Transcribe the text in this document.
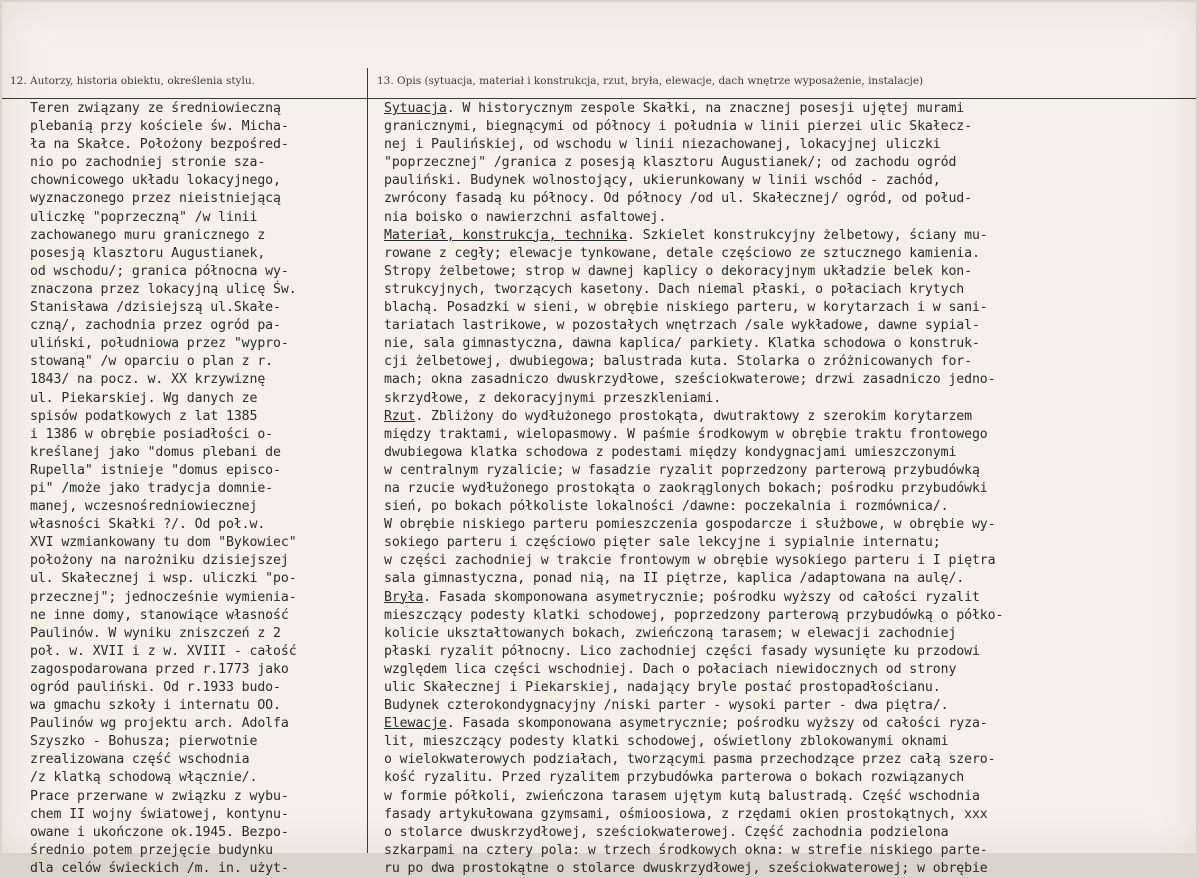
12. Autorzy, historia obiektu, określenia stylu.	13. Opis (sytuacja, materiał i konstrukcja, rzut, bryła, elewacje, dach wnętrze wyposażenie, instalacje)
Teren związany ze średniowieczną
plebanią przy kościele św. Micha-
ła na Skałce. Położony bezpośred-
nio po zachodniej stronie sza-
chownicowego układu lokacyjnego,
wyznaczonego przez nieistniejącą
uliczkę "poprzeczną" /w linii
zachowanego muru granicznego z
posesją klasztoru Augustianek,
od wschodu/; granica północna wy-
znaczona przez lokacyjną ulicę Św.
Stanisława /dzisiejszą ul.Skałe-
czną/, zachodnia przez ogród pa-
uliński, południowa przez "wypro-
stowaną" /w oparciu o plan z r.
1843/ na pocz. w. XX krzywiznę
ul. Piekarskiej. Wg danych ze
spisów podatkowych z lat 1385
i 1386 w obrębie posiadłości o-
kreślanej jako "domus plebani de
Rupella" istnieje "domus episco-
pi" /może jako tradycja domnie-
manej, wczesnośredniowiecznej
własności Skałki ?/. Od poł.w.
XVI wzmiankowany tu dom "Bykowiec"
położony na narożniku dzisiejszej
ul. Skałecznej i wsp. uliczki "po-
przecznej"; jednocześnie wymienia-
ne inne domy, stanowiące własność
Paulinów. W wyniku zniszczeń z 2
poł. w. XVII i z w. XVIII - całość
zagospodarowana przed r.1773 jako
ogród pauliński. Od r.1933 budo-
wa gmachu szkoły i internatu OO.
Paulinów wg projektu arch. Adolfa
Szyszko - Bohusza; pierwotnie
zrealizowana część wschodnia
/z klatką schodową włącznie/.
Prace przerwane w związku z wybu-
chem II wojny światowej, kontynu-
owane i ukończone ok.1945. Bezpo-
średnio potem przejęcie budynku
dla celów świeckich /m. in. użyt-
Sytuacja. W historycznym zespole Skałki, na znacznej posesji ujętej murami
granicznymi, biegnącymi od północy i południa w linii pierzei ulic Skałecz-
nej i Paulińskiej, od wschodu w linii niezachowanej, lokacyjnej uliczki
"poprzecznej" /granica z posesją klasztoru Augustianek/; od zachodu ogród
pauliński. Budynek wolnostojący, ukierunkowany w linii wschód - zachód,
zwrócony fasadą ku północy. Od północy /od ul. Skałecznej/ ogród, od połud-
nia boisko o nawierzchni asfaltowej.
Materiał, konstrukcja, technika. Szkielet konstrukcyjny żelbetowy, ściany mu-
rowane z cegły; elewacje tynkowane, detale częściowo ze sztucznego kamienia.
Stropy żelbetowe; strop w dawnej kaplicy o dekoracyjnym układzie belek kon-
strukcyjnych, tworzących kasetony. Dach niemal płaski, o połaciach krytych
blachą. Posadzki w sieni, w obrębie niskiego parteru, w korytarzach i w sani-
tariatach lastrikowe, w pozostałych wnętrzach /sale wykładowe, dawne sypial-
nie, sala gimnastyczna, dawna kaplica/ parkiety. Klatka schodowa o konstruk-
cji żelbetowej, dwubiegowa; balustrada kuta. Stolarka o zróżnicowanych for-
mach; okna zasadniczo dwuskrzydłowe, sześciokwaterowe; drzwi zasadniczo jedno-
skrzydłowe, z dekoracyjnymi przeszkleniami.
Rzut. Zbliżony do wydłużonego prostokąta, dwutraktowy z szerokim korytarzem
między traktami, wielopasmowy. W paśmie środkowym w obrębie traktu frontowego
dwubiegowa klatka schodowa z podestami między kondygnacjami umieszczonymi
w centralnym ryzalicie; w fasadzie ryzalit poprzedzony parterową przybudówką
na rzucie wydłużonego prostokąta o zaokrąglonych bokach; pośrodku przybudówki
sień, po bokach półkoliste lokalności /dawne: poczekalnia i rozmównica/.
W obrębie niskiego parteru pomieszczenia gospodarcze i służbowe, w obrębie wy-
sokiego parteru i częściowo pięter sale lekcyjne i sypialnie internatu;
w części zachodniej w trakcie frontowym w obrębie wysokiego parteru i I piętra
sala gimnastyczna, ponad nią, na II piętrze, kaplica /adaptowana na aulę/.
Bryła. Fasada skomponowana asymetrycznie; pośrodku wyższy od całości ryzalit
mieszczący podesty klatki schodowej, poprzedzony parterową przybudówką o półko-
kolicie ukształtowanych bokach, zwieńczoną tarasem; w elewacji zachodniej
płaski ryzalit północny. Lico zachodniej części fasady wysunięte ku przodowi
względem lica części wschodniej. Dach o połaciach niewidocznych od strony
ulic Skałecznej i Piekarskiej, nadający bryle postać prostopadłościanu.
Budynek czterokondygnacyjny /niski parter - wysoki parter - dwa piętra/.
Elewacje. Fasada skomponowana asymetrycznie; pośrodku wyższy od całości ryza-
lit, mieszczący podesty klatki schodowej, oświetlony zblokowanymi oknami
o wielokwaterowych podziałach, tworzącymi pasma przechodzące przez całą szero-
kość ryzalitu. Przed ryzalitem przybudówka parterowa o bokach rozwiązanych
w formie półkoli, zwieńczona tarasem ujętym kutą balustradą. Część wschodnia
fasady artykułowana gzymsami, ośmioosiowa, z rzędami okien prostokątnych, xxx
o stolarce dwuskrzydłowej, sześciokwaterowej. Część zachodnia podzielona
szkarpami na cztery pola: w trzech środkowych okna: w strefie niskiego parte-
ru po dwa prostokątne o stolarce dwuskrzydłowej, sześciokwaterowej; w obrębie
